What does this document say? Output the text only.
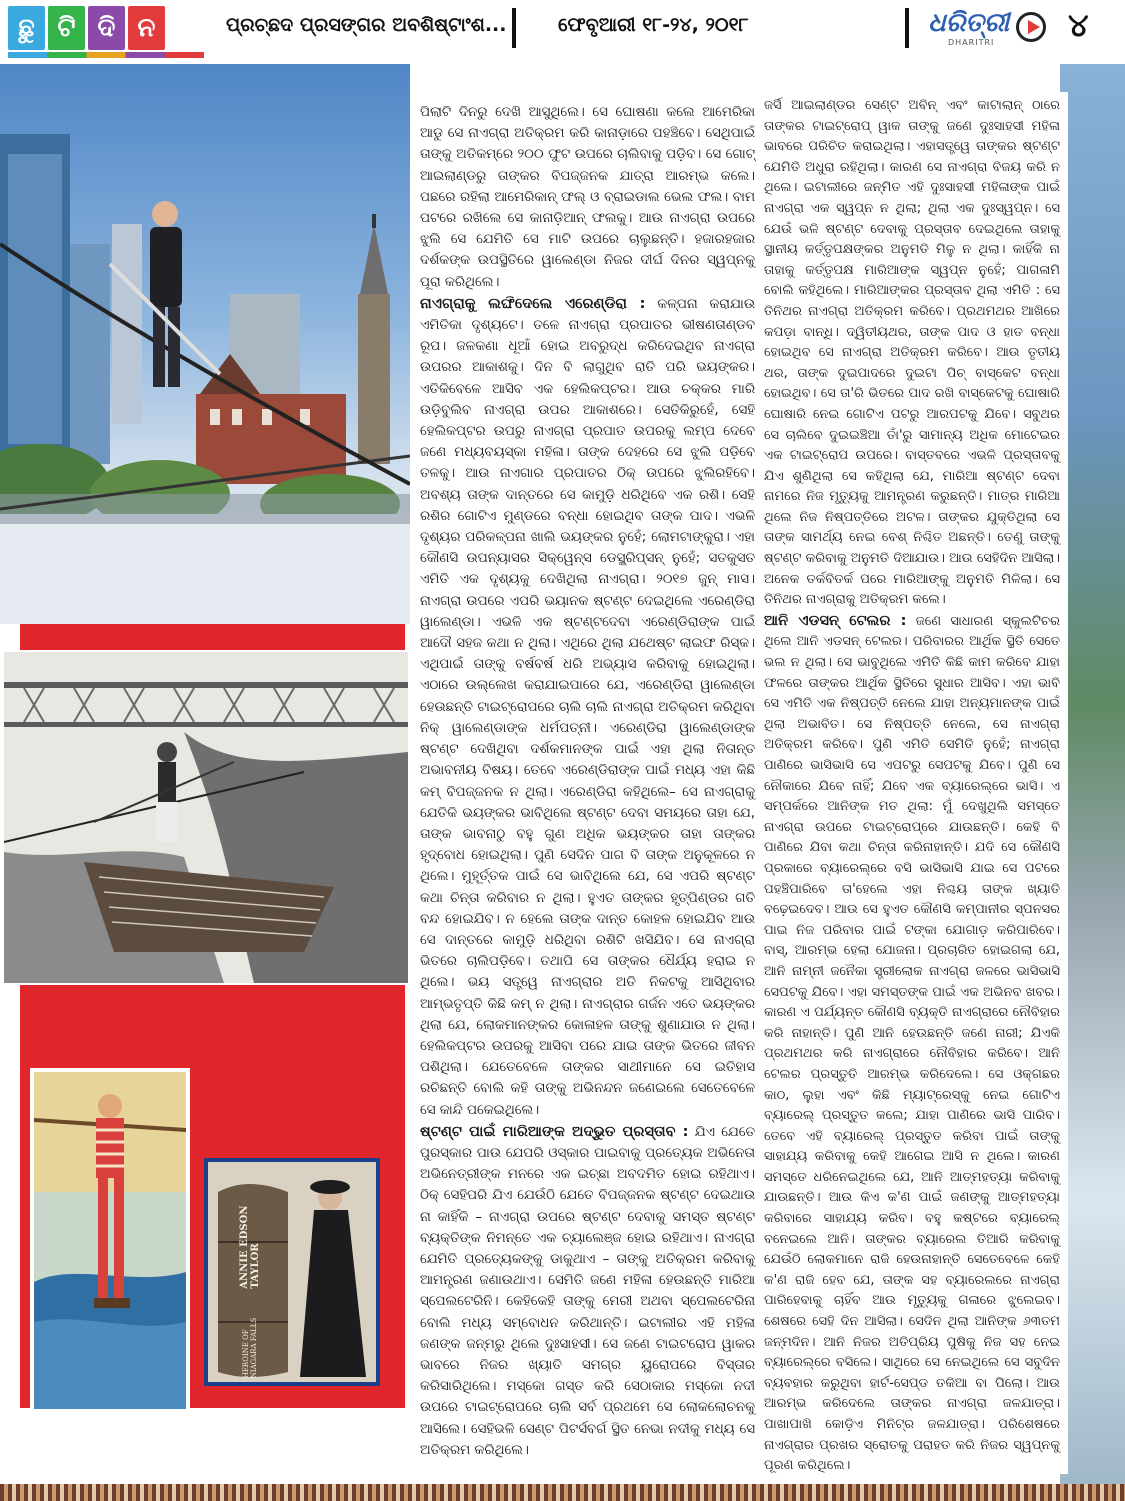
ଛୁ ଟି ଦି ନ	ପ୍ରଚ୍ଛଦ ପ୍ରସଙ୍ଗର ଅବଶିଷ୍ଟାଂଶ...	ଫେବୃଆରୀ ୧୮-୨୪, ୨୦୧୮	ଧରିତ୍ରୀ
DHARITRI ୪
ANNIE EDSON TAYLOR
HEROINE OF NIAGARA FALLS

ପିଲାଟି ଦିନରୁ ଦେଖି ଆସୁଥିଲେ। ସେ ଘୋଷଣା କଲେ ଆମେରିକା ଆଡୁ ସେ ନାଏଗ୍ରା ଅତିକ୍ରମ କରି କାନାଡ଼ାରେ ପହଞ୍ଚିବେ। ସେଥିପାଇଁ ତାଙ୍କୁ ଅତିକମ୍‌ରେ ୨୦୦ ଫୁଟ ଉପରେ ଚାଲିବାକୁ ପଡ଼ିବ। ସେ ଗୋଟ୍ ଆଇଲାଣ୍ଡରୁ ତାଙ୍କର ବିପଜ୍ଜନକ ଯାତ୍ରା ଆରମ୍ଭ କଲେ। ପଛରେ ରହିଲା ଆମେରିକାନ୍ ଫଲ୍ ଓ ବ୍ରାଇଡାଲ ଭେଲ ଫଲ। ବାମ ପଟରେ ରଖିଲେ ସେ କାନାଡ଼ିଆନ୍ ଫଲକୁ। ଆଉ ନାଏଗ୍ରା ଉପରେ ଝୁଲି ସେ ଯେମିତି ସେ ମାଟି ଉପରେ ଚାଲୁଛନ୍ତି। ହଜାରହଜାର ଦର୍ଶକଙ୍କ ଉପସ୍ଥିତିରେ ୱାଲେଣ୍ଡା ନିଜର ଦୀର୍ଘ ଦିନର ସ୍ୱପ୍ନକୁ ପୂରା କରିଥିଲେ।

ନାଏଗ୍ରାକୁ ଲଙ୍ଘିଦେଲେ ଏରେଣ୍ଡିରା : କଳ୍ପନା କରାଯାଉ ଏମିତିକା ଦୃଶ୍ୟଟେ। ତଳେ ନାଏଗ୍ରା ପ୍ରପାତର ଭୀଷଣତାଣ୍ଡବ ରୂପ। ଜଳକଣା ଧୂଆଁ ହୋଇ ଅବରୁଦ୍ଧ କରିଦେଇଥିବ ନାଏଗ୍ରା ଉପରର ଆକାଶକୁ। ଦିନ ବି ଲାଗୁଥିବ ରାତି ପରି ଭୟଙ୍କର। ଏତିକିବେଳେ ଆସିବ ଏକ ହେଲିକପ୍ଟର। ଆଉ ଚକ୍କର ମାରି ଉଡ଼ିବୁଲିବ ନାଏଗ୍ରା ଉପର ଆକାଶରେ। ସେତିକିରୁହେଁ, ସେହି ହେଲିକପ୍ଟର ଉପରୁ ନାଏଗ୍ରା ପ୍ରପାତ ଉପରକୁ ଲମ୍ପ ଦେବେ ଜଣେ ମଧ୍ୟବୟସ୍କା ମହିଳା। ତାଙ୍କ ଦେହରେ ସେ ଝୁଲି ପଡ଼ିବେ ତଳକୁ। ଆଉ ନାଏଗାର ପ୍ରପାତର ଠିକ୍ ଉପରେ ଝୁଲିରହିବେ। ଅବଶ୍ୟ ତାଙ୍କ ଦାନ୍ତରେ ସେ କାମୁଡ଼ି ଧରିଥିବେ ଏକ ରଶି। ସେହି ରଶିର ଗୋଟିଏ ମୁଣ୍ଡରେ ବନ୍ଧା ହୋଇଥିବ ତାଙ୍କ ପାଦ। ଏଭଳି ଦୃଶ୍ୟର ପରିକଳ୍ପନା ଖାଲି ଭୟଙ୍କର ନୁହେଁ; ଲୋମଟାଙ୍କୁରା। ଏହା କୌଣସି ଉପନ୍ୟାସର ସିକ୍ୱେନ୍ସ ଡେସ୍କ୍ରିପ୍‌ସନ୍ ନୁହେଁ; ସତକୁସତ ଏମିତି ଏକ ଦୃଶ୍ୟକୁ ଦେଖିଥିଲା ନାଏଗ୍ରା। ୨୦୧୭ ଜୁନ୍ ମାସ। ନାଏଗ୍ରା ଉପରେ ଏପରି ଭୟାନକ ଷ୍ଟଣ୍ଟ ଦେଇଥିଲେ ଏରେଣ୍ଡିରା ୱାଲେଣ୍ଡା। ଏଭଳି ଏକ ଷ୍ଟଣ୍ଟଦେବା ଏରେଣ୍ଡିରାଙ୍କ ପାଇଁ ଆଦୌ ସହଜ କଥା ନ ଥିଲା। ଏଥିରେ ଥିଲା ଯଥେଷ୍ଟ ଲାଇଫ ରିସ୍କ। ଏଥିପାଇଁ ତାଙ୍କୁ ବର୍ଷବର୍ଷ ଧରି ଅଭ୍ୟାସ କରିବାକୁ ହୋଇଥିଲା। ଏଠାରେ ଉଲ୍ଲେଖ କରାଯାଇପାରେ ଯେ, ଏରେଣ୍ଡିରା ୱାଲେଣ୍ଡା ହେଉଛନ୍ତି ଟାଇଟ୍‌ରୋପରେ ଚାଲି ଚାଲି ନାଏଗ୍ରା ଅତିକ୍ରମ କରିଥିବା ନିକ୍ ୱାଲେଣ୍ଡାଙ୍କ ଧର୍ମପତ୍ନୀ। ଏରେଣ୍ଡିରା ୱାଲେଣ୍ଡାଙ୍କ ଷ୍ଟଣ୍ଟ ଦେଖିଥିବା ଦର୍ଶକମାନଙ୍କ ପାଇଁ ଏହା ଥିଲା ନିତାନ୍ତ ଅଭାବନୀୟ ବିଷୟ। ତେବେ ଏରେଣ୍ଡିରାଙ୍କ ପାଇଁ ମଧ୍ୟ ଏହା କିଛି କମ୍ ବିପଜ୍ଜନକ ନ ଥିଲା। ଏରେଣ୍ଡିରା କହିଥିଲେ– ସେ ନାଏଗ୍ରାକୁ ଯେତିକି ଭୟଙ୍କର ଭାବିଥିଲେ ଷ୍ଟଣ୍ଟ ଦେବା ସମୟରେ ତାହା ଯେ, ତାଙ୍କ ଭାବନାଠୁ ବହୁ ଗୁଣ ଅଧିକ ଭୟଙ୍କର ତାହା ତାଙ୍କର ହୃଦ୍‌ବୋଧ ହୋଇଥିଲା। ପୁଣି ସେଦିନ ପାଗ ବି ତାଙ୍କ ଅନୁକୂଳରେ ନ ଥିଲେ। ମୁହୂର୍ତ୍ତକ ପାଇଁ ସେ ଭାବିଥିଲେ ଯେ, ସେ ଏପରି ଷ୍ଟଣ୍ଟ କଥା ଚିନ୍ତା କରିବାର ନ ଥିଲା। ହୁଏତ ତାଙ୍କର ହୃତ୍‌ପିଣ୍ଡର ଗତି ବନ୍ଦ ହୋଇଯିବ। ନ ହେଲେ ତାଙ୍କ ଦାନ୍ତ କୋହଳ ହୋଇଯିବ ଆଉ ସେ ଦାନ୍ତରେ କାମୁଡ଼ି ଧରିଥିବା ରଶିଟି ଖସିଯିବ। ସେ ନାଏଗ୍ରା ଭିତରେ ଚାଲିପଡ଼ିବେ। ତଥାପି ସେ ତାଙ୍କର ଧୈର୍ଯ୍ୟ ହରାଇ ନ ଥିଲେ। ଭୟ ସତ୍ତ୍ୱେ ନାଏଗ୍ରାର ଅତି ନିକଟକୁ ଆସିଥିବାର ଆମ୍ଭତୃପ୍ତି କିଛି କମ୍ ନ ଥିଲା। ନାଏଗ୍ରାର ଗର୍ଜନ ଏତେ ଭୟଙ୍କର ଥିଲା ଯେ, ଲୋକମାନଙ୍କର କୋଳାହଳ ତାଙ୍କୁ ଶୁଣାଯାଉ ନ ଥିଲା। ହେଲିକପ୍ଟର ଉପରକୁ ଆସିବା ପରେ ଯାଇ ତାଙ୍କ ଭିତରେ ଜୀବନ ପଶିଥିଲା। ଯେତେବେଳେ ତାଙ୍କର ସାଥୀମାନେ ସେ ଇତିହାସ ରଚିଛନ୍ତି ବୋଲି କହି ତାଙ୍କୁ ଅଭିନନ୍ଦନ ଜଣେଇଲେ ସେତେବେଳେ ସେ କାନ୍ଦି ପକେଇଥିଲେ।

ଷ୍ଟଣ୍ଟ ପାଇଁ ମାରିଆଙ୍କ ଅଦ୍ଭୁତ ପ୍ରସ୍ତାବ : ଯିଏ ଯେତେ ପୁରସ୍କାର ପାଉ ଯେପରି ଓସ୍କାର ପାଇବାକୁ ପ୍ରତ୍ୟେକ ଅଭିନେତା ଅଭିନେତ୍ରୀଙ୍କ ମନରେ ଏକ ଇଚ୍ଛା ଅବଦମିତ ହୋଇ ରହିଥାଏ। ଠିକ୍ ସେହିପରି ଯିଏ ଯେଉଁଠି ଯେତେ ବିପଜ୍ଜନକ ଷ୍ଟଣ୍ଟ ଦେଇଥାଉ ନା କାହିଁକି – ନାଏଗ୍ରା ଉପରେ ଷ୍ଟଣ୍ଟ ଦେବାକୁ ସମସ୍ତ ଷ୍ଟଣ୍ଟ ବ୍ୟକ୍ତିଙ୍କ ନିମନ୍ତେ ଏକ ଚ୍ୟାଲେଞ୍ଜ ହୋଇ ରହିଥାଏ। ନାଏଗ୍ରା ଯେମିତି ପ୍ରତ୍ୟେକଙ୍କୁ ଡାକୁଥାଏ – ତାଙ୍କୁ ଅତିକ୍ରମ କରିବାକୁ ଆମନ୍ତ୍ରଣ ଜଣାଉଥାଏ। ସେମିତି ଜଣେ ମହିଳା ହେଉଛନ୍ତି ମାରିଆ ସ୍ପେଲଟେରିନି। କେହିକେହି ତାଙ୍କୁ ମେରୀ ଅଥବା ସ୍ପେଲଟେରିନା ବୋଲି ମଧ୍ୟ ସମ୍ବୋଧନ କରିଥାନ୍ତି। ଇଟାଲୀର ଏହି ମହିଳା ଜଣଙ୍କ ଜନ୍ମରୁ ଥିଲେ ଦୁଃସାହସୀ। ସେ ଜଣେ ଟାଇଟରୋପ ୱାକର ଭାବରେ ନିଜର ଖ୍ୟାତି ସମଗ୍ର ୟୁରୋପରେ ବିସ୍ତାର କରିସାରିଥିଲେ। ମସ୍କୋ ଗସ୍ତ କରି ସେଠାକାର ମସ୍କୋ ନଦୀ ଉପରେ ଟାଇଟ୍‌ରୋପରେ ଚାଲି ସର୍ବ ପ୍ରଥମେ ସେ ଲୋକଲୋଚନକୁ ଆସିଲେ। ସେହିଭଳି ସେଣ୍ଟ ପିଟର୍ସବର୍ଗ ସ୍ଥିତ ନେଭା ନଦୀକୁ ମଧ୍ୟ ସେ ଅତିକ୍ରମ କରିଥିଲେ।

ଜର୍ସି ଆଇଲାଣ୍ଡର ସେଣ୍ଟ ଅବିନ୍ ଏବଂ କାଟାଲାନ୍ ଠାରେ ତାଙ୍କର ଟାଇଟ୍‌ରୋପ୍ ୱାକ ତାଙ୍କୁ ଜଣେ ଦୁଃସାହସୀ ମହିଳା ଭାବରେ ପରିଚିତ କରାଇଥିଲା। ଏହାସତ୍ତ୍ୱେ ତାଙ୍କର ଷ୍ଟଣ୍ଟ ଯେମିତି ଅଧୁରା ରହିଥିଲା। କାରଣ ସେ ନାଏଗ୍ରା ବିଜୟ କରି ନ ଥିଲେ। ଇଟାଲୀରେ ଜନ୍ମିତ ଏହି ଦୁଃସାହସୀ ମହିଳାଙ୍କ ପାଇଁ ନାଏଗ୍ରା ଏକ ସ୍ୱପ୍ନ ନ ଥିଲା; ଥିଲା ଏକ ଦୁଃସ୍ୱପ୍ନ। ସେ ଯେଉଁ ଭଳି ଷ୍ଟଣ୍ଟ ଦେବାକୁ ପ୍ରସ୍ତାବ ଦେଇଥିଲେ ତାହାକୁ ସ୍ଥାନୀୟ କର୍ତ୍ତୃପକ୍ଷଙ୍କର ଅନୁମତି ମିଳୁ ନ ଥିଲା। କାହିଁକି ନା ତାହାକୁ କର୍ତ୍ତୃପକ୍ଷ ମାରିଆଙ୍କ ସ୍ୱପ୍ନ ନୁହେଁ; ପାଗଳାମି ବୋଲି କହିଥିଲେ। ମାରିଆଙ୍କର ପ୍ରସ୍ତାବ ଥିଲା ଏମିତି : ସେ ତିନିଥର ନାଏଗ୍ରା ଅତିକ୍ରମ କରିବେ। ପ୍ରଥମଥର ଆଖିରେ କପଡ଼ା ବାନ୍ଧି। ଦ୍ୱିତୀୟଥର, ତାଙ୍କ ପାଦ ଓ ହାତ ବନ୍ଧା ହୋଇଥିବ ସେ ନାଏଗ୍ରା ଅତିକ୍ରମ କରିବେ। ଆଉ ତୃତୀୟ ଥର, ତାଙ୍କ ଦୁଇପାଦରେ ଦୁଇଟା ପିଚ୍ ବାସ୍କେଟ ବନ୍ଧା ହୋଇଥିବ। ସେ ତା'ରି ଭିତରେ ପାଦ ରଖି ବାସ୍କେଟକୁ ଘୋଷାରି ଘୋଷାରି ନେଇ ଗୋଟିଏ ପଟରୁ ଆରପଟକୁ ଯିବେ। ସବୁଥର ସେ ଚାଲିବେ ଦୁଇଇଞ୍ଚିଆ ତାଁ'ରୁ ସାମାନ୍ୟ ଅଧିକ ମୋଟେଇର ଏକ ଟାଇଟ୍‌ରୋପ ଉପରେ। ବାସ୍ତବରେ ଏଭଳି ପ୍ରସ୍ତାବକୁ ଯିଏ ଶୁଣିଥିଲା ସେ କହିଥିଲା ଯେ, ମାରିଆ ଷ୍ଟଣ୍ଟ ଦେବା ନାମରେ ନିଜ ମୃତ୍ୟୁକୁ ଆମନ୍ତ୍ରଣ କରୁଛନ୍ତି। ମାତ୍ର ମାରିଆ ଥିଲେ ନିଜ ନିଷ୍ପତ୍ତିରେ ଅଟଳ। ତାଙ୍କର ଯୁକ୍ତିଥିଲା ସେ ତାଙ୍କ ସାମର୍ଥ୍ୟ ନେଇ ବେଶ୍ ନିଶ୍ଚିତ ଅଛନ୍ତି। ତେଣୁ ତାଙ୍କୁ ଷ୍ଟଣ୍ଟ କରିବାକୁ ଅନୁମତି ଦିଆଯାଉ। ଆଉ ସେହିଦିନ ଆସିଲା। ଅନେକ ତର୍କବିତର୍କ ପରେ ମାରିଆଙ୍କୁ ଅନୁମତି ମିଳିଲା। ସେ ତିନିଥର ନାଏଗ୍ରାକୁ ଅତିକ୍ରମ କଲେ।

ଆନି ଏଡସନ୍ ଟେଲର : ଜଣେ ସାଧାରଣ ସ୍କୁଲଟିଚର ଥିଲେ ଆନି ଏଡସନ୍ ଟେଲର। ପରିବାରର ଆର୍ଥିକ ସ୍ଥିତି ସେତେ ଭଲ ନ ଥିଲା। ସେ ଭାବୁଥିଲେ ଏମିତି କିଛି କାମ କରିବେ ଯାହା ଫଳରେ ତାଙ୍କର ଆର୍ଥିକ ସ୍ଥିତିରେ ସୁଧାର ଆସିବ। ଏହା ଭାବି ସେ ଏମିତି ଏକ ନିଷ୍ପତ୍ତି ନେଲେ ଯାହା ଅନ୍ୟମାନଙ୍କ ପାଇଁ ଥିଲା ଅଭାବିତ। ସେ ନିଷ୍ପତ୍ତି ନେଲେ, ସେ ନାଏଗ୍ରା ଅତିକ୍ରମ କରିବେ। ପୁଣି ଏମିତି ସେମିତି ନୁହେଁ; ନାଏଗ୍ରା ପାଣିରେ ଭାସିଭାସି ସେ ଏପଟରୁ ସେପଟକୁ ଯିବେ। ପୁଣି ସେ ନୌକାରେ ଯିବେ ନାହିଁ; ଯିବେ ଏକ ବ୍ୟାରେଲ୍‌ରେ ଭାସି। ଏ ସମ୍ପର୍କରେ ଆନିଙ୍କ ମତ ଥିଲା: ମୁଁ ଦେଖୁଥିଲି ସମସ୍ତେ ନାଏଗ୍ରା ଉପରେ ଟାଇଟ୍‌ରୋପ୍‌ରେ ଯାଉଛନ୍ତି। କେହି ବି ପାଣିରେ ଯିବା କଥା ଚିନ୍ତା କରିନାହାନ୍ତି। ଯଦି ସେ କୌଣସି ପ୍ରକାରେ ବ୍ୟାରେଲ୍‌ରେ ବସି ଭାସିଭାସି ଯାଇ ସେ ପଟରେ ପହଞ୍ଚିପାରିବେ ତା'ହେଲେ ଏହା ନିଶ୍ଚୟ ତାଙ୍କ ଖ୍ୟାତି ବଢ଼େଇଦେବ। ଆଉ ସେ ହୁଏତ କୌଣସି କମ୍ପାନୀର ସ୍ପନସର ପାଇ ନିଜ ପରିବାର ପାଇଁ ଟଙ୍କା ଯୋଗାଡ଼ କରିପାରିବେ। ବାସ୍, ଆରମ୍ଭ ହେଲା ଯୋଜନା। ପ୍ରଚାରିତ ହୋଇଗଲା ଯେ, ଆନି ନାମ୍ନୀ ଜନୈକା ସ୍ତ୍ରୀଲୋକ ନାଏଗ୍ରା ଜଳରେ ଭାସିଭାସି ସେପଟକୁ ଯିବେ। ଏହା ସମସ୍ତଙ୍କ ପାଇଁ ଏକ ଅଭିନବ ଖବର। କାରଣ ଏ ପର୍ଯ୍ୟନ୍ତ କୌଣସି ବ୍ୟକ୍ତି ନାଏଗ୍ରାରେ ନୌବିହାର କରି ନାହାନ୍ତି। ପୁଣି ଆନି ହେଉଛନ୍ତି ଜଣେ ନାରୀ; ଯିଏକି ପ୍ରଥମଥର କରି ନାଏଗ୍ରାରେ ନୌବିହାର କରିବେ। ଆନି ଟେଲର ପ୍ରସ୍ତୁତି ଆରମ୍ଭ କରିଦେଲେ। ସେ ଓକ୍‌ଗଛର କାଠ, ଲୁହା ଏବଂ କିଛି ମ୍ୟାଟ୍ରେସ୍‌କୁ ନେଇ ଗୋଟିଏ ବ୍ୟାରେଲ୍ ପ୍ରସ୍ତୁତ କଲେ; ଯାହା ପାଣିରେ ଭାସି ପାରିବ। ତେବେ ଏହି ବ୍ୟାରେଲ୍ ପ୍ରସ୍ତୁତ କରିବା ପାଇଁ ତାଙ୍କୁ ସାହାଯ୍ୟ କରିବାକୁ କେହି ଆଗେଇ ଆସି ନ ଥିଲେ। କାରଣ ସମସ୍ତେ ଧରିନେଇଥିଲେ ଯେ, ଆନି ଆତ୍ମହତ୍ୟା କରିବାକୁ ଯାଉଛନ୍ତି। ଆଉ କିଏ କ'ଣ ପାଇଁ ଜଣଙ୍କୁ ଆତ୍ମହତ୍ୟା କରିବାରେ ସାହାଯ୍ୟ କରିବ। ବହୁ କଷ୍ଟରେ ବ୍ୟାରେଲ୍ ବନେଇଲେ ଆନି। ତାଙ୍କର ବ୍ୟାରେଲ ତିଆରି କରିବାକୁ ଯେଉଁଠି ଲୋକମାନେ ରାଜି ହେଉନାହାନ୍ତି ସେତେବେଳେ କେହି କ'ଣ ରାଜି ହେବ ଯେ, ତାଙ୍କ ସହ ବ୍ୟାରେଲରେ ନାଏଗ୍ରା ପାରିହେବାକୁ ଚାହିଁବ ଆଉ ମୃତ୍ୟୁକୁ ଗଳାରେ ଝୁଲେଇବ। ଶେଷରେ ସେହି ଦିନ ଆସିଲା। ସେଦିନ ଥିଲା ଆନିଙ୍କ ୬୩ତମ ଜନ୍ମଦିନ। ଆନି ନିଜର ଅତିପ୍ରିୟ ପୁଷିକୁ ନିଜ ସହ ନେଇ ବ୍ୟାରେଲ୍‌ରେ ବସିଲେ। ସାଥିରେ ସେ ନେଇଥିଲେ ସେ ସବୁଦିନ ବ୍ୟବହାର କରୁଥିବା ହାର୍ଟ-ସେପ୍‌ଡ ତକିଆ ବା ପିଲୋ। ଆଉ ଆରମ୍ଭ କରିଦେଲେ ତାଙ୍କର ନାଏଗ୍ରା ଜଳଯାତ୍ରା। ପାଖାପାଖି କୋଡ଼ିଏ ମିନିଟ୍‌ର ଜଳଯାତ୍ରା। ପରିଶେଷରେ ନାଏଗ୍ରାର ପ୍ରଖର ସ୍ରୋତକୁ ପରାହତ କରି ନିଜର ସ୍ୱପ୍ନକୁ ପୂରଣ କରିଥିଲେ।
